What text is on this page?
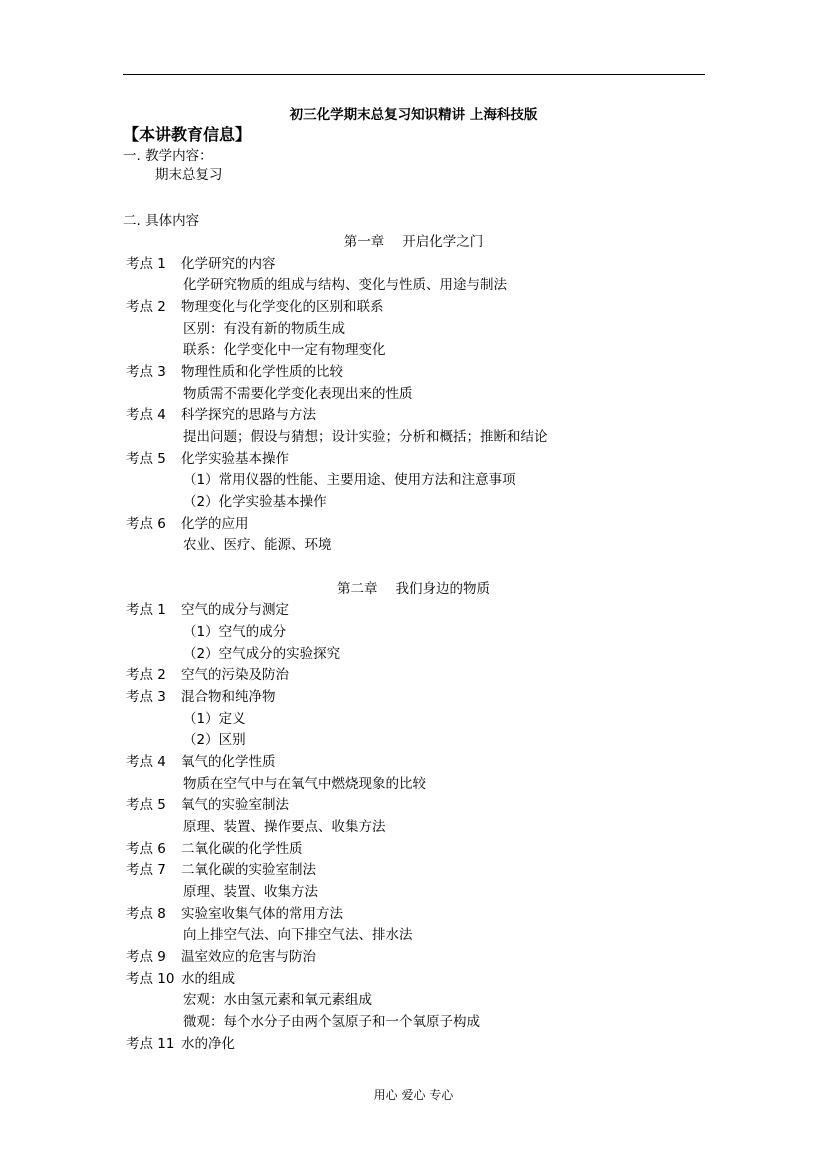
初三化学期末总复习知识精讲 上海科技版
【本讲教育信息】
一. 教学内容：
期末总复习
二. 具体内容
第一章 开启化学之门
考点 1 化学研究的内容
化学研究物质的组成与结构、变化与性质、用途与制法
考点 2 物理变化与化学变化的区别和联系
区别：有没有新的物质生成
联系：化学变化中一定有物理变化
考点 3 物理性质和化学性质的比较
物质需不需要化学变化表现出来的性质
考点 4 科学探究的思路与方法
提出问题；假设与猜想；设计实验；分析和概括；推断和结论
考点 5 化学实验基本操作
（1）常用仪器的性能、主要用途、使用方法和注意事项
（2）化学实验基本操作
考点 6 化学的应用
农业、医疗、能源、环境
第二章 我们身边的物质
考点 1 空气的成分与测定
（1）空气的成分
（2）空气成分的实验探究
考点 2 空气的污染及防治
考点 3 混合物和纯净物
（1）定义
（2）区别
考点 4 氧气的化学性质
物质在空气中与在氧气中燃烧现象的比较
考点 5 氧气的实验室制法
原理、装置、操作要点、收集方法
考点 6 二氧化碳的化学性质
考点 7 二氧化碳的实验室制法
原理、装置、收集方法
考点 8 实验室收集气体的常用方法
向上排空气法、向下排空气法、排水法
考点 9 温室效应的危害与防治
考点 10 水的组成
宏观：水由氢元素和氧元素组成
微观：每个水分子由两个氢原子和一个氧原子构成
考点 11 水的净化
用心 爱心 专心
